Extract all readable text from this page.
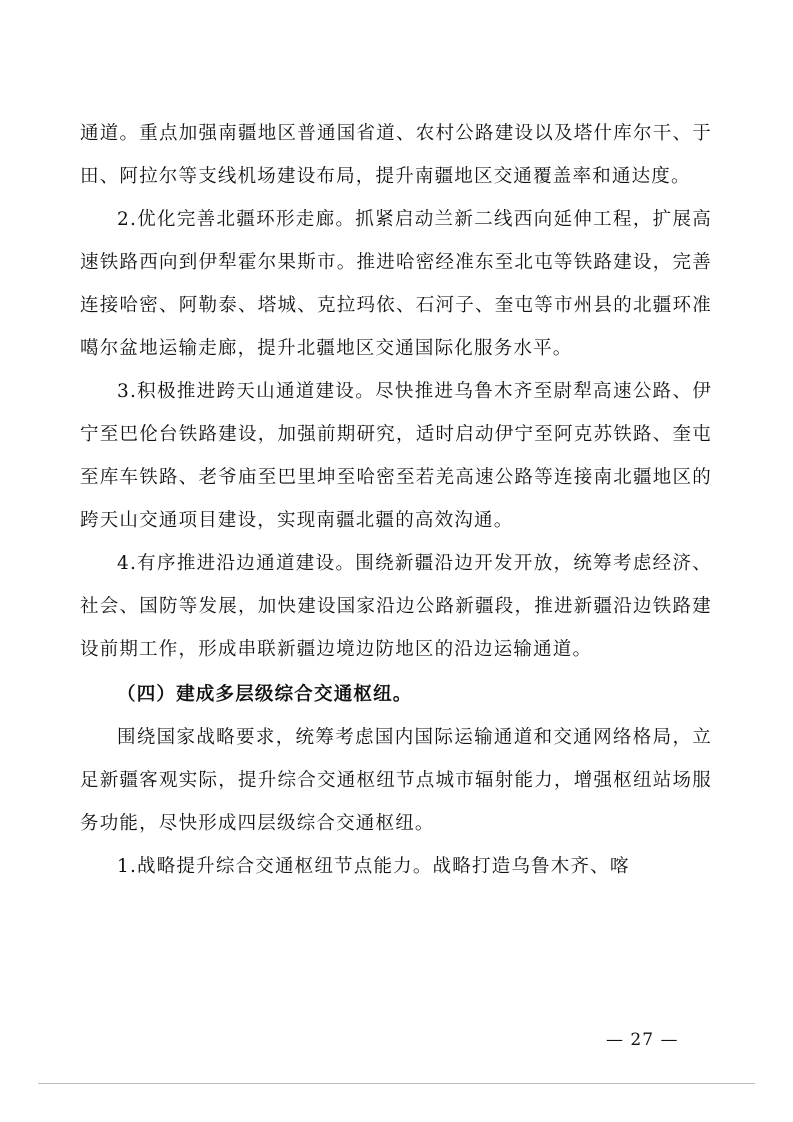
通道。重点加强南疆地区普通国省道、农村公路建设以及塔什库尔干、于田、阿拉尔等支线机场建设布局，提升南疆地区交通覆盖率和通达度。

2.优化完善北疆环形走廊。抓紧启动兰新二线西向延伸工程，扩展高速铁路西向到伊犁霍尔果斯市。推进哈密经准东至北屯等铁路建设，完善连接哈密、阿勒泰、塔城、克拉玛依、石河子、奎屯等市州县的北疆环准噶尔盆地运输走廊，提升北疆地区交通国际化服务水平。

3.积极推进跨天山通道建设。尽快推进乌鲁木齐至尉犁高速公路、伊宁至巴伦台铁路建设，加强前期研究，适时启动伊宁至阿克苏铁路、奎屯至库车铁路、老爷庙至巴里坤至哈密至若羌高速公路等连接南北疆地区的跨天山交通项目建设，实现南疆北疆的高效沟通。

4.有序推进沿边通道建设。围绕新疆沿边开发开放，统筹考虑经济、社会、国防等发展，加快建设国家沿边公路新疆段，推进新疆沿边铁路建设前期工作，形成串联新疆边境边防地区的沿边运输通道。

（四）建成多层级综合交通枢纽。

围绕国家战略要求，统筹考虑国内国际运输通道和交通网络格局，立足新疆客观实际，提升综合交通枢纽节点城市辐射能力，增强枢纽站场服务功能，尽快形成四层级综合交通枢纽。

1.战略提升综合交通枢纽节点能力。战略打造乌鲁木齐、喀

— 27 —
